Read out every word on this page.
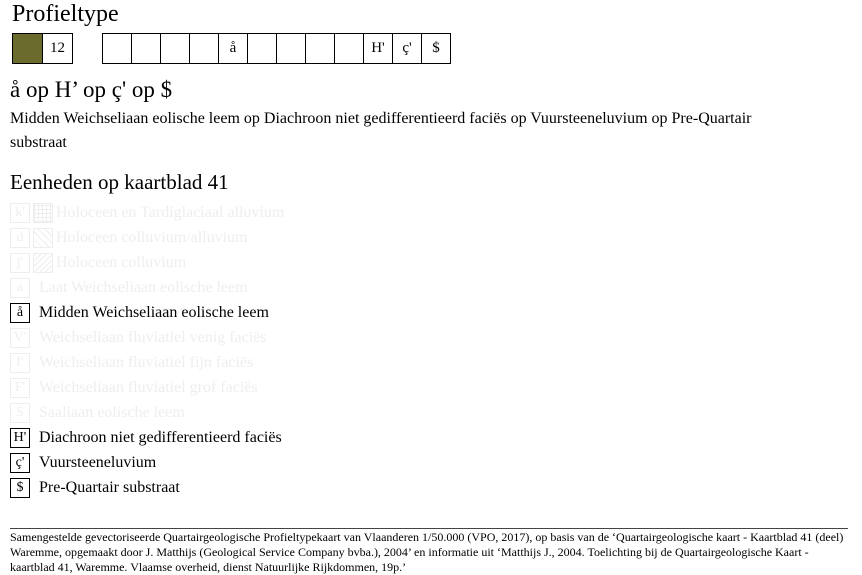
Profieltype
12	å	H'	ç'	$
å op H’ op ç' op $
Midden Weichseliaan eolische leem op Diachroon niet gedifferentieerd faciës op Vuursteeneluvium op Pre-Quartair substraat
Eenheden op kaartblad 41
k'	Holoceen en Tardiglaciaal alluvium
d	Holoceen colluvium/alluvium
j'	Holoceen colluvium
a Laat Weichseliaan eolische leem
å Midden Weichseliaan eolische leem
V' Weichseliaan fluviatiel venig faciës
f' Weichseliaan fluviatiel fijn faciës
F' Weichseliaan fluviatiel grof faciës
S Saaliaan eolische leem
H' Diachroon niet gedifferentieerd faciës
ç' Vuursteeneluvium
$ Pre-Quartair substraat
Samengestelde gevectoriseerde Quartairgeologische Profieltypekaart van Vlaanderen 1/50.000 (VPO, 2017), op basis van de ‘Quartairgeologische kaart - Kaartblad 41 (deel) Waremme, opgemaakt door J. Matthijs (Geological Service Company bvba.), 2004’ en informatie uit ‘Matthijs J., 2004. Toelichting bij de Quartairgeologische Kaart - kaartblad 41, Waremme. Vlaamse overheid, dienst Natuurlijke Rijkdommen, 19p.’
